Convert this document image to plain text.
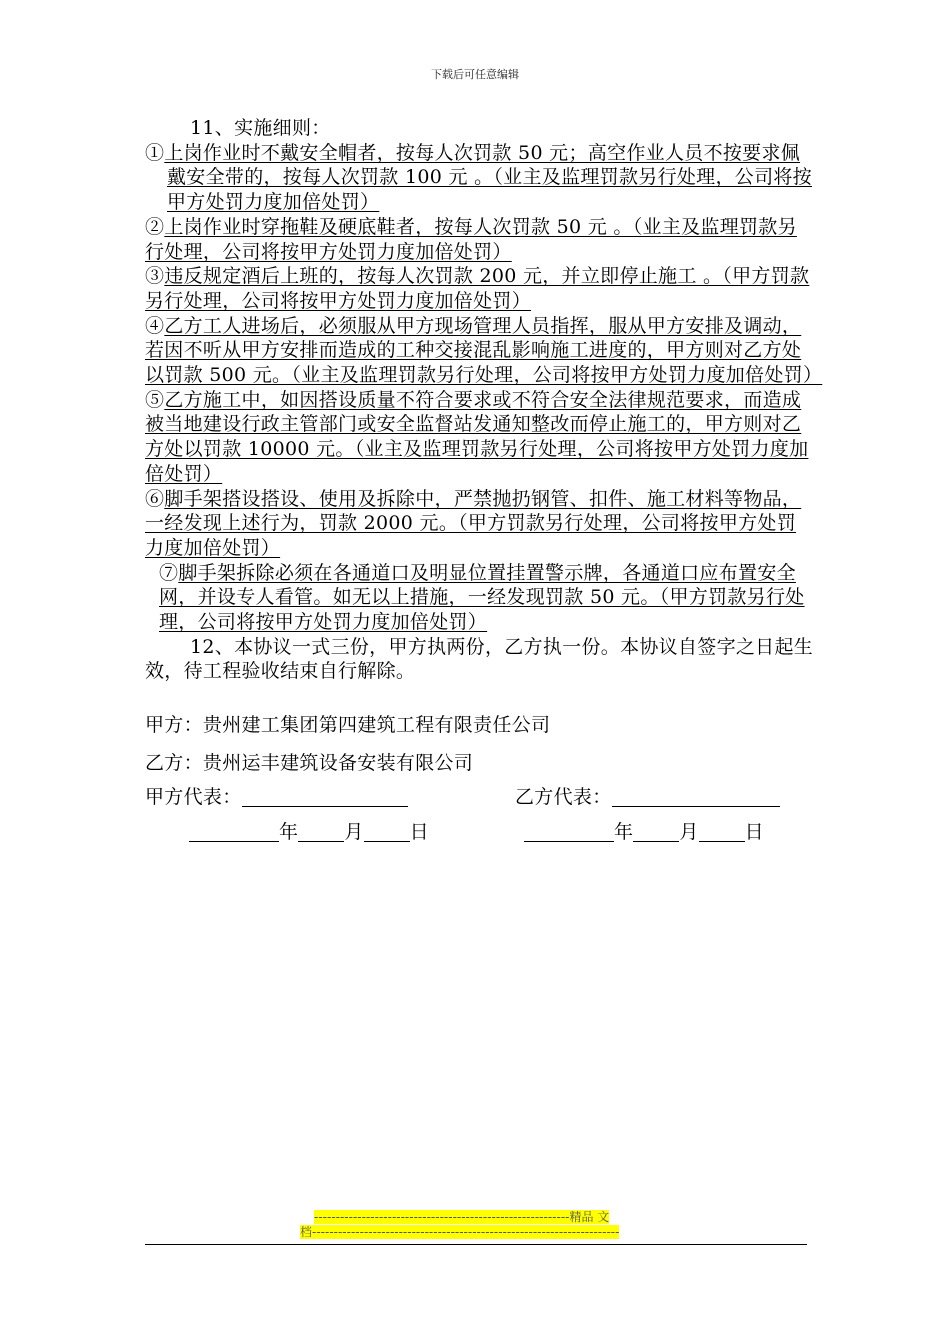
下载后可任意编辑

11、实施细则：

①上岗作业时不戴安全帽者，按每人次罚款 50 元；高空作业人员不按要求佩戴安全带的，按每人次罚款 100 元 。（业主及监理罚款另行处理，公司将按甲方处罚力度加倍处罚）

②上岗作业时穿拖鞋及硬底鞋者，按每人次罚款 50 元 。（业主及监理罚款另行处理，公司将按甲方处罚力度加倍处罚）

③违反规定酒后上班的，按每人次罚款 200 元，并立即停止施工 。（甲方罚款另行处理，公司将按甲方处罚力度加倍处罚）

④乙方工人进场后，必须服从甲方现场管理人员指挥，服从甲方安排及调动，若因不听从甲方安排而造成的工种交接混乱影响施工进度的，甲方则对乙方处以罚款 500 元。（业主及监理罚款另行处理，公司将按甲方处罚力度加倍处罚）

⑤乙方施工中，如因搭设质量不符合要求或不符合安全法律规范要求，而造成被当地建设行政主管部门或安全监督站发通知整改而停止施工的，甲方则对乙方处以罚款 10000 元。（业主及监理罚款另行处理，公司将按甲方处罚力度加倍处罚）

⑥脚手架搭设搭设、使用及拆除中，严禁抛扔钢管、扣件、施工材料等物品，一经发现上述行为，罚款 2000 元。（甲方罚款另行处理，公司将按甲方处罚力度加倍处罚）

⑦脚手架拆除必须在各通道口及明显位置挂置警示牌，各通道口应布置安全网，并设专人看管。如无以上措施，一经发现罚款 50 元。（甲方罚款另行处理，公司将按甲方处罚力度加倍处罚）

12、本协议一式三份，甲方执两份，乙方执一份。本协议自签字之日起生效，待工程验收结束自行解除。

甲方：贵州建工集团第四建筑工程有限责任公司

乙方：贵州运丰建筑设备安装有限公司

甲方代表：	乙方代表：
年 月 日	年 月 日
-----------------------------------------------------------精品 文
档-----------------------------------------------------------------------
